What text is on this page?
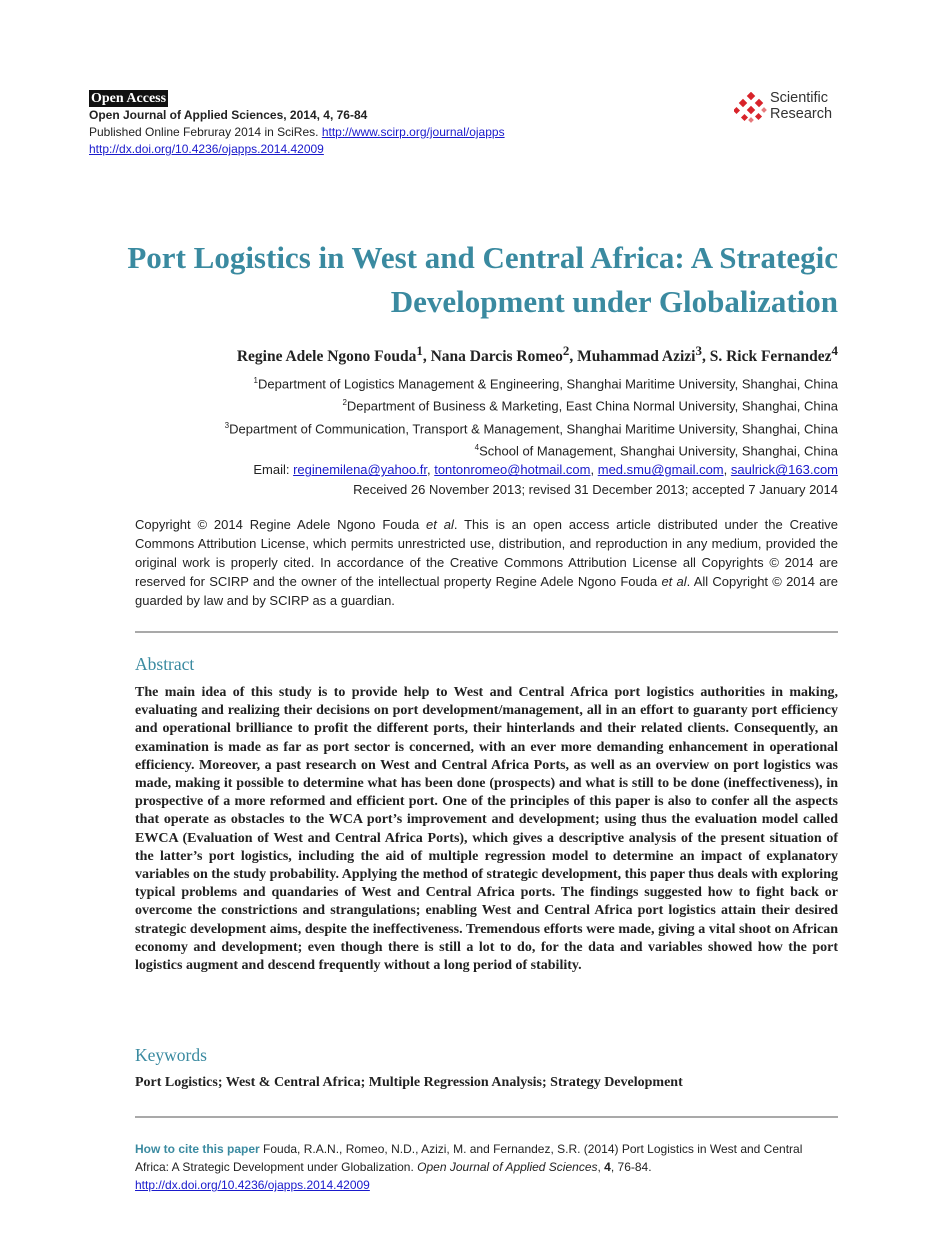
Open Access
Open Journal of Applied Sciences, 2014, 4, 76-84
Published Online Februray 2014 in SciRes. http://www.scirp.org/journal/ojapps
http://dx.doi.org/10.4236/ojapps.2014.42009
Scientific
Research
Port Logistics in West and Central Africa: A Strategic Development under Globalization
Regine Adele Ngono Fouda$^1$, Nana Darcis Romeo$^2$, Muhammad Azizi$^3$, S. Rick Fernandez$^4$
$^1$Department of Logistics Management & Engineering, Shanghai Maritime University, Shanghai, China
$^2$Department of Business & Marketing, East China Normal University, Shanghai, China
$^3$Department of Communication, Transport & Management, Shanghai Maritime University, Shanghai, China
$^4$School of Management, Shanghai University, Shanghai, China
Email: reginemilena@yahoo.fr, tontonromeo@hotmail.com, med.smu@gmail.com, saulrick@163.com
Received 26 November 2013; revised 31 December 2013; accepted 7 January 2014
Copyright © 2014 Regine Adele Ngono Fouda et al. This is an open access article distributed under the Creative Commons Attribution License, which permits unrestricted use, distribution, and reproduction in any medium, provided the original work is properly cited. In accordance of the Creative Commons Attribution License all Copyrights © 2014 are reserved for SCIRP and the owner of the intellectual property Regine Adele Ngono Fouda et al. All Copyright © 2014 are guarded by law and by SCIRP as a guardian.
Abstract
The main idea of this study is to provide help to West and Central Africa port logistics authorities in making, evaluating and realizing their decisions on port development/management, all in an effort to guaranty port efficiency and operational brilliance to profit the different ports, their hinterlands and their related clients. Consequently, an examination is made as far as port sector is concerned, with an ever more demanding enhancement in operational efficiency. Moreover, a past research on West and Central Africa Ports, as well as an overview on port logistics was made, making it possible to determine what has been done (prospects) and what is still to be done (ineffectiveness), in prospective of a more reformed and efficient port. One of the principles of this paper is also to confer all the aspects that operate as obstacles to the WCA port’s improvement and development; using thus the evaluation model called EWCA (Evaluation of West and Central Africa Ports), which gives a descriptive analysis of the present situation of the latter’s port logistics, including the aid of multiple regression model to determine an impact of explanatory variables on the study probability. Applying the method of strategic development, this paper thus deals with exploring typical problems and quandaries of West and Central Africa ports. The findings suggested how to fight back or overcome the constrictions and strangulations; enabling West and Central Africa port logistics attain their desired strategic development aims, despite the ineffectiveness. Tremendous efforts were made, giving a vital shoot on African economy and development; even though there is still a lot to do, for the data and variables showed how the port logistics augment and descend frequently without a long period of stability.
Keywords
Port Logistics; West & Central Africa; Multiple Regression Analysis; Strategy Development
How to cite this paper Fouda, R.A.N., Romeo, N.D., Azizi, M. and Fernandez, S.R. (2014) Port Logistics in West and Central Africa: A Strategic Development under Globalization. Open Journal of Applied Sciences, 4, 76-84.
http://dx.doi.org/10.4236/ojapps.2014.42009
